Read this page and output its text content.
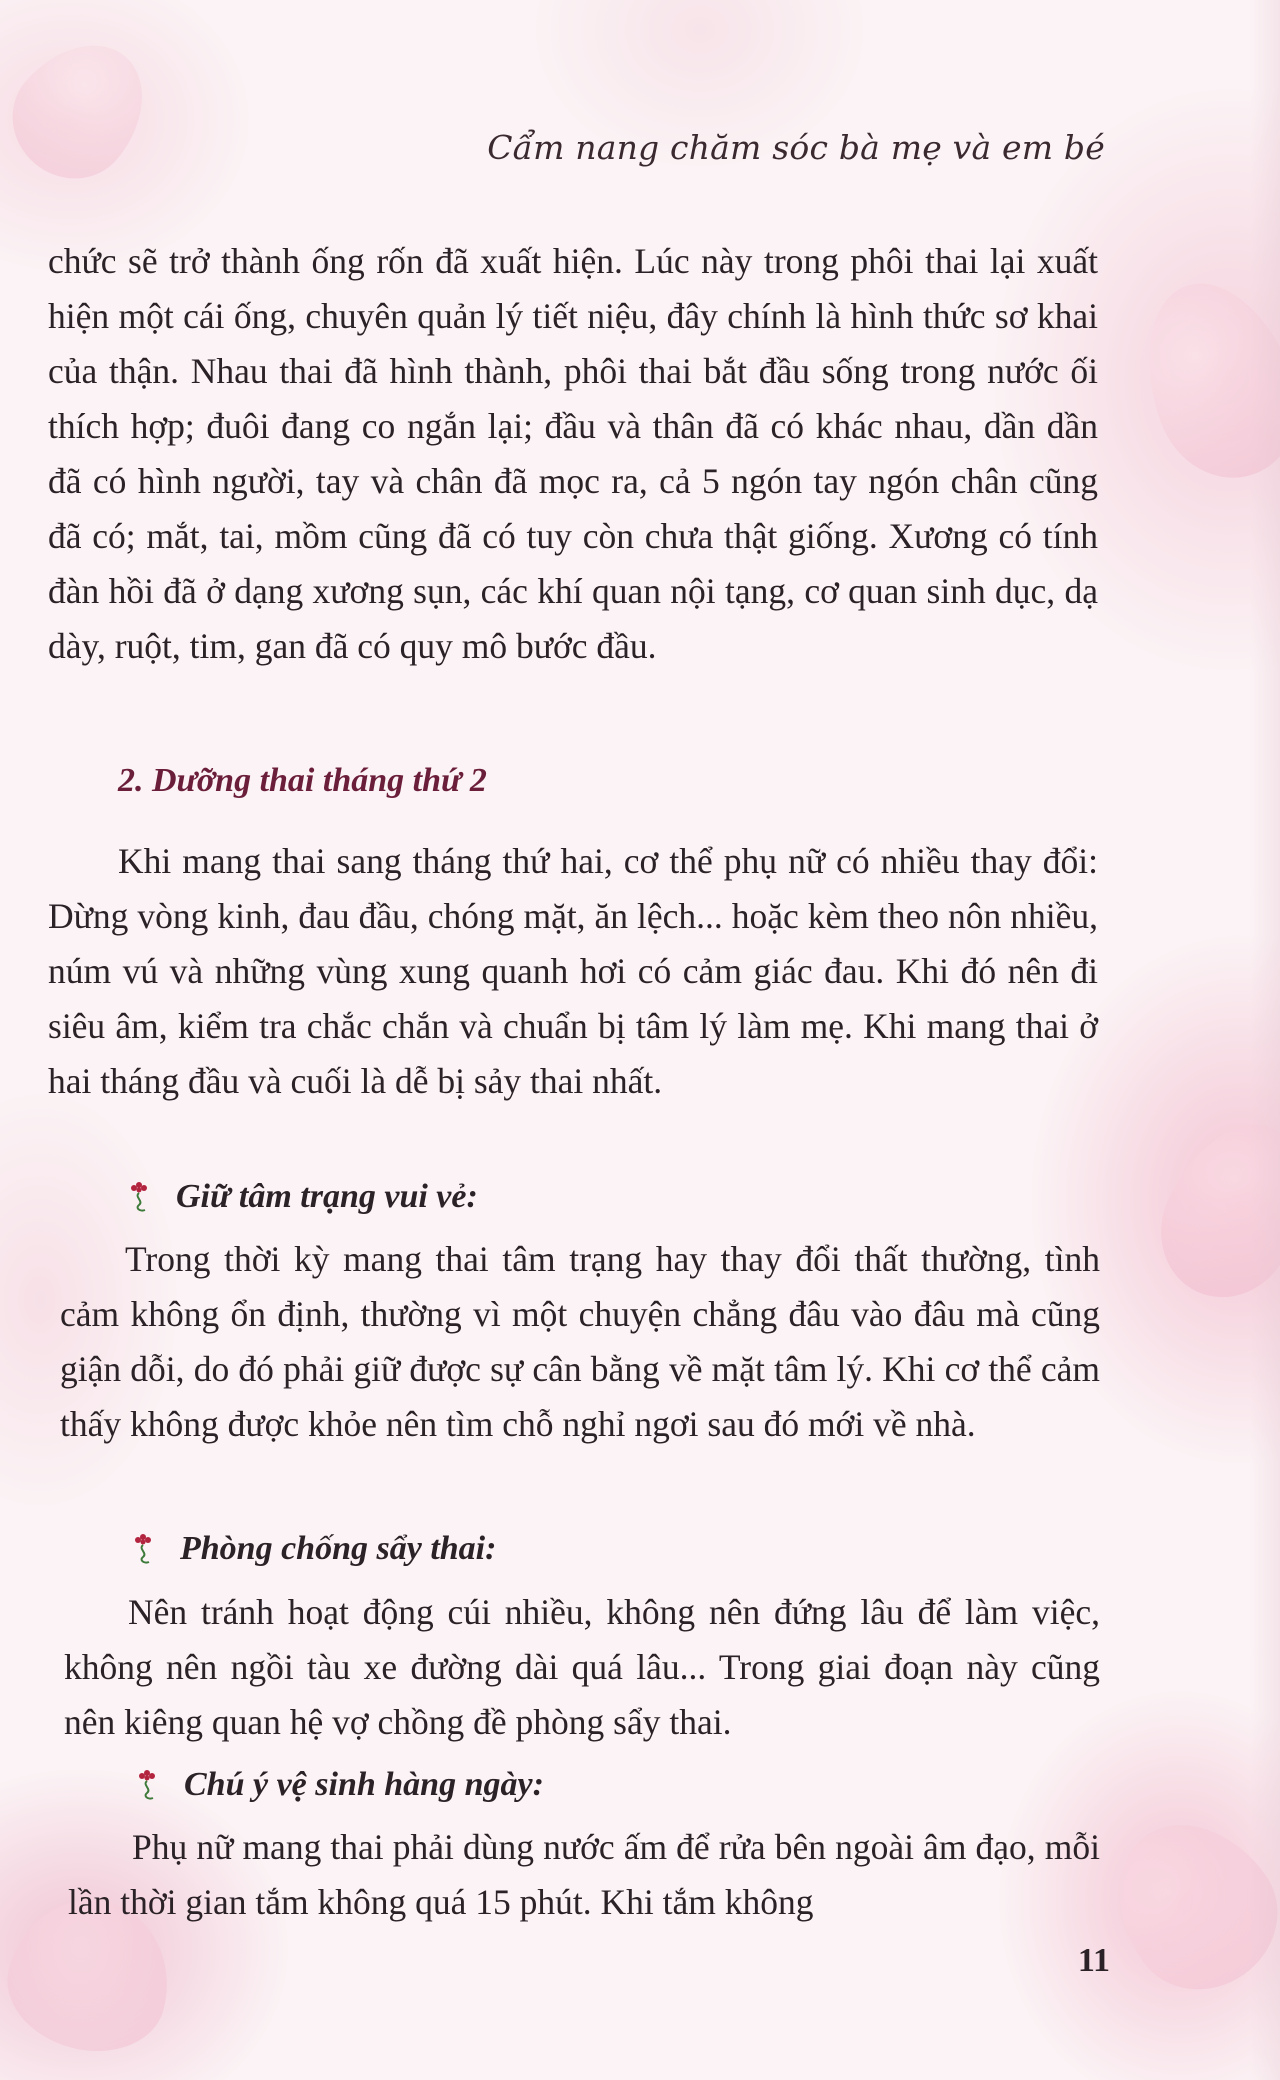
Cẩm nang chăm sóc bà mẹ và em bé

chức sẽ trở thành ống rốn đã xuất hiện. Lúc này trong phôi thai lại xuất hiện một cái ống, chuyên quản lý tiết niệu, đây chính là hình thức sơ khai của thận. Nhau thai đã hình thành, phôi thai bắt đầu sống trong nước ối thích hợp; đuôi đang co ngắn lại; đầu và thân đã có khác nhau, dần dần đã có hình người, tay và chân đã mọc ra, cả 5 ngón tay ngón chân cũng đã có; mắt, tai, mồm cũng đã có tuy còn chưa thật giống. Xương có tính đàn hồi đã ở dạng xương sụn, các khí quan nội tạng, cơ quan sinh dục, dạ dày, ruột, tim, gan đã có quy mô bước đầu.

2. Dưỡng thai tháng thứ 2

Khi mang thai sang tháng thứ hai, cơ thể phụ nữ có nhiều thay đổi: Dừng vòng kinh, đau đầu, chóng mặt, ăn lệch... hoặc kèm theo nôn nhiều, núm vú và những vùng xung quanh hơi có cảm giác đau. Khi đó nên đi siêu âm, kiểm tra chắc chắn và chuẩn bị tâm lý làm mẹ. Khi mang thai ở hai tháng đầu và cuối là dễ bị sảy thai nhất.

Giữ tâm trạng vui vẻ:

Trong thời kỳ mang thai tâm trạng hay thay đổi thất thường, tình cảm không ổn định, thường vì một chuyện chẳng đâu vào đâu mà cũng giận dỗi, do đó phải giữ được sự cân bằng về mặt tâm lý. Khi cơ thể cảm thấy không được khỏe nên tìm chỗ nghỉ ngơi sau đó mới về nhà.

Phòng chống sẩy thai:

Nên tránh hoạt động cúi nhiều, không nên đứng lâu để làm việc, không nên ngồi tàu xe đường dài quá lâu... Trong giai đoạn này cũng nên kiêng quan hệ vợ chồng đề phòng sẩy thai.

Chú ý vệ sinh hàng ngày:

Phụ nữ mang thai phải dùng nước ấm để rửa bên ngoài âm đạo, mỗi lần thời gian tắm không quá 15 phút. Khi tắm không

11
